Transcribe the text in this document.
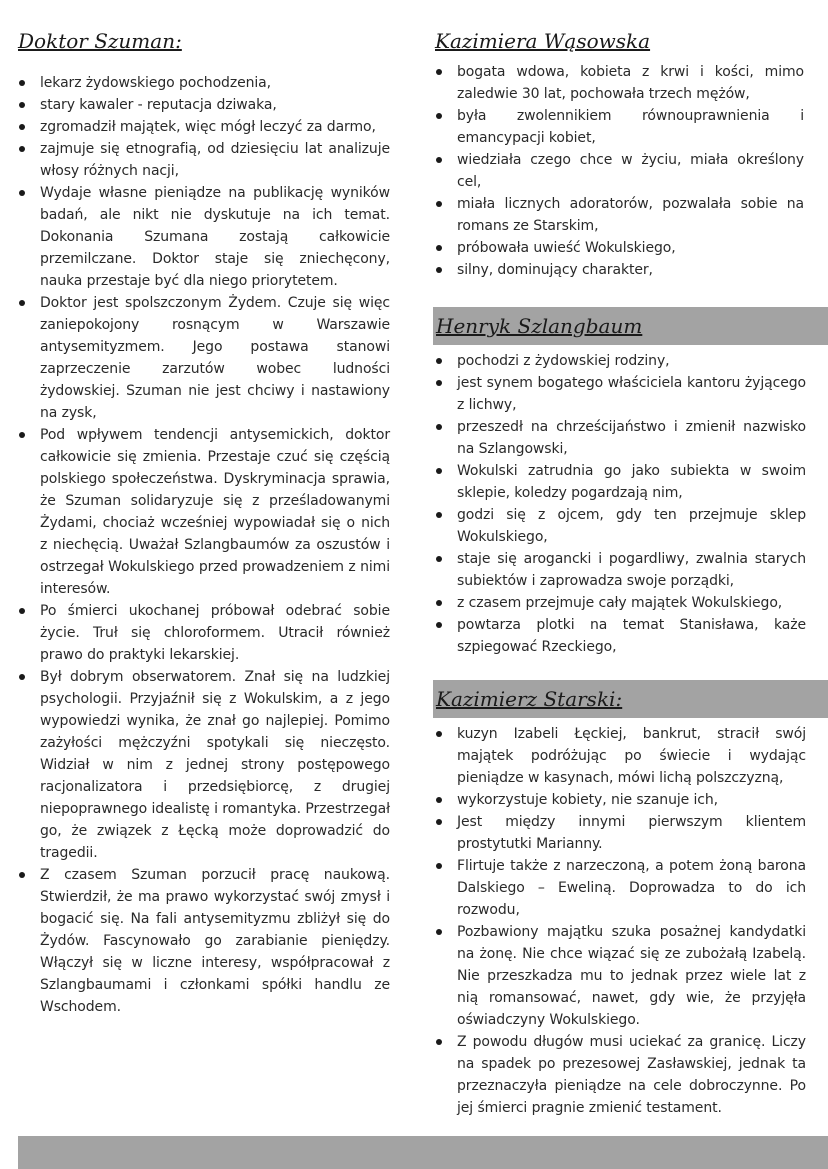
Doktor Szuman:
lekarz żydowskiego pochodzenia,
stary kawaler - reputacja dziwaka,
zgromadził majątek, więc mógł leczyć za darmo,
zajmuje się etnografią, od dziesięciu lat analizuje włosy różnych nacji,
Wydaje własne pieniądze na publikację wyników badań, ale nikt nie dyskutuje na ich temat. Dokonania Szumana zostają całkowicie przemilczane. Doktor staje się zniechęcony, nauka przestaje być dla niego priorytetem.
Doktor jest spolszczonym Żydem. Czuje się więc zaniepokojony rosnącym w Warszawie antysemityzmem. Jego postawa stanowi zaprzeczenie zarzutów wobec ludności żydowskiej. Szuman nie jest chciwy i nastawiony na zysk,
Pod wpływem tendencji antysemickich, doktor całkowicie się zmienia. Przestaje czuć się częścią polskiego społeczeństwa. Dyskryminacja sprawia, że Szuman solidaryzuje się z prześladowanymi Żydami, chociaż wcześniej wypowiadał się o nich z niechęcią. Uważał Szlangbaumów za oszustów i ostrzegał Wokulskiego przed prowadzeniem z nimi interesów.
Po śmierci ukochanej próbował odebrać sobie życie. Truł się chloroformem. Utracił również prawo do praktyki lekarskiej.
Był dobrym obserwatorem. Znał się na ludzkiej psychologii. Przyjaźnił się z Wokulskim, a z jego wypowiedzi wynika, że znał go najlepiej. Pomimo zażyłości mężczyźni spotykali się nieczęsto. Widział w nim z jednej strony postępowego racjonalizatora i przedsiębiorcę, z drugiej niepoprawnego idealistę i romantyka. Przestrzegał go, że związek z Łęcką może doprowadzić do tragedii.
Z czasem Szuman porzucił pracę naukową. Stwierdził, że ma prawo wykorzystać swój zmysł i bogacić się. Na fali antysemityzmu zbliżył się do Żydów. Fascynowało go zarabianie pieniędzy. Włączył się w liczne interesy, współpracował z Szlangbaumami i członkami spółki handlu ze Wschodem.
Kazimiera Wąsowska
bogata wdowa, kobieta z krwi i kości, mimo zaledwie 30 lat, pochowała trzech mężów,
była zwolennikiem równouprawnienia i emancypacji kobiet,
wiedziała czego chce w życiu, miała określony cel,
miała licznych adoratorów, pozwalała sobie na romans ze Starskim,
próbowała uwieść Wokulskiego,
silny, dominujący charakter,
Henryk Szlangbaum
pochodzi z żydowskiej rodziny,
jest synem bogatego właściciela kantoru żyjącego z lichwy,
przeszedł na chrześcijaństwo i zmienił nazwisko na Szlangowski,
Wokulski zatrudnia go jako subiekta w swoim sklepie, koledzy pogardzają nim,
godzi się z ojcem, gdy ten przejmuje sklep Wokulskiego,
staje się arogancki i pogardliwy, zwalnia starych subiektów i zaprowadza swoje porządki,
z czasem przejmuje cały majątek Wokulskiego,
powtarza plotki na temat Stanisława, każe szpiegować Rzeckiego,
Kazimierz Starski:
kuzyn Izabeli Łęckiej, bankrut, stracił swój majątek podróżując po świecie i wydając pieniądze w kasynach, mówi lichą polszczyzną,
wykorzystuje kobiety, nie szanuje ich,
Jest między innymi pierwszym klientem prostytutki Marianny.
Flirtuje także z narzeczoną, a potem żoną barona Dalskiego – Eweliną. Doprowadza to do ich rozwodu,
Pozbawiony majątku szuka posażnej kandydatki na żonę. Nie chce wiązać się ze zubożałą Izabelą. Nie przeszkadza mu to jednak przez wiele lat z nią romansować, nawet, gdy wie, że przyjęła oświadczyny Wokulskiego.
Z powodu długów musi uciekać za granicę. Liczy na spadek po prezesowej Zasławskiej, jednak ta przeznaczyła pieniądze na cele dobroczynne. Po jej śmierci pragnie zmienić testament.
